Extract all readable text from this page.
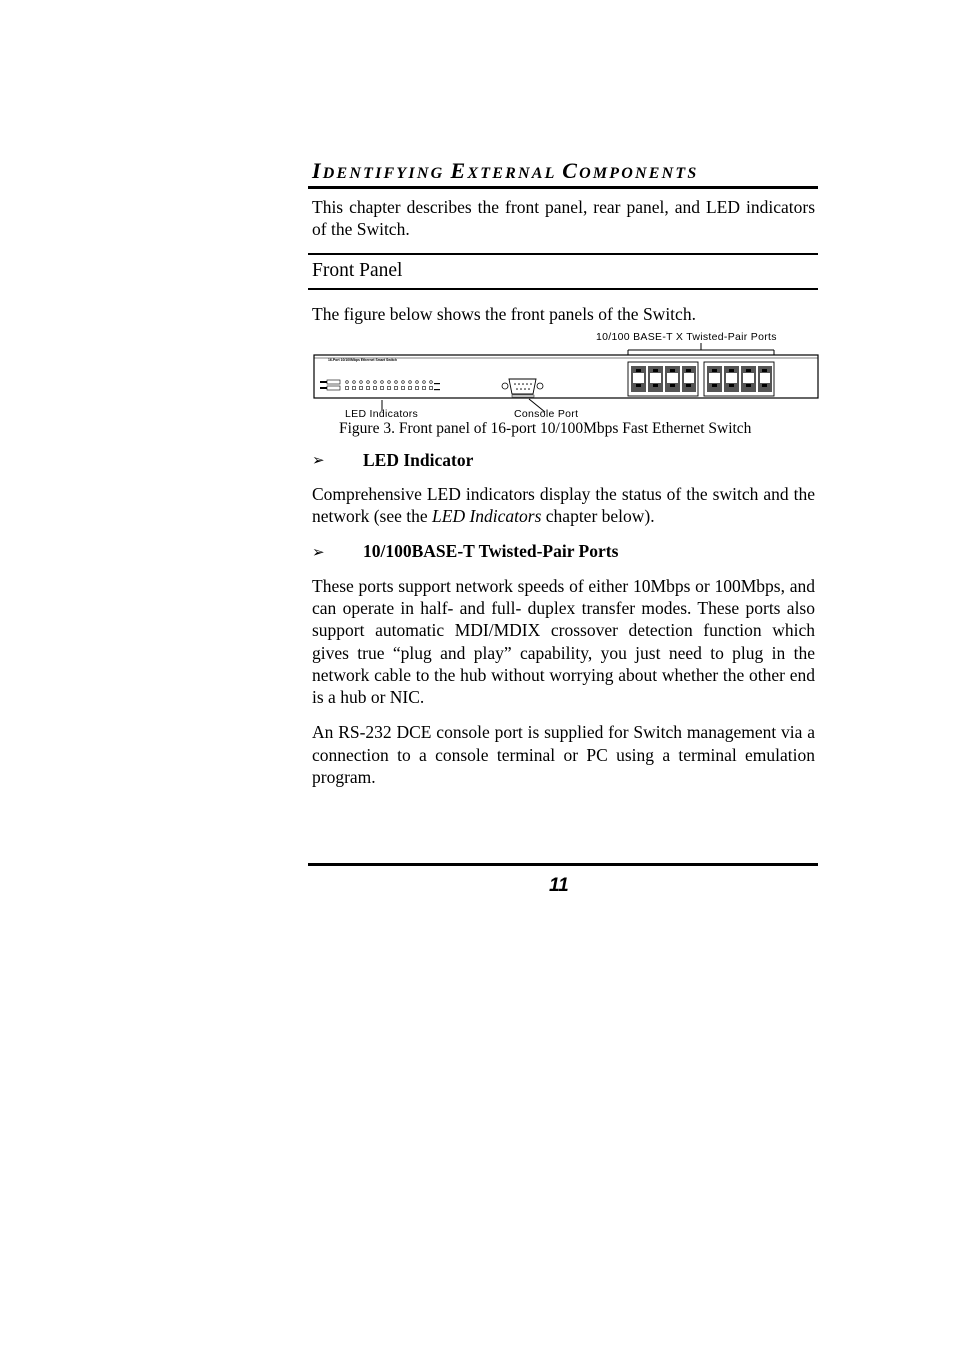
IDENTIFYING EXTERNAL COMPONENTS

This chapter describes the front panel, rear panel, and LED indicators of the Switch.

Front Panel

The figure below shows the front panels of the Switch.

10/100 BASE-T X Twisted-Pair Ports
16-Port 10/100Mbps Ethernet Smart Switch
LED Indicators	Console Port
Figure 3. Front panel of 16-port 10/100Mbps Fast Ethernet Switch
➢ LED Indicator

Comprehensive LED indicators display the status of the switch and the network (see the LED Indicators chapter below).

➢ 10/100BASE-T Twisted-Pair Ports

These ports support network speeds of either 10Mbps or 100Mbps, and can operate in half- and full- duplex transfer modes. These ports also support automatic MDI/MDIX crossover detection function which gives true “plug and play” capability, you just need to plug in the network cable to the hub without worrying about whether the other end is a hub or NIC.

An RS-232 DCE console port is supplied for Switch management via a connection to a console terminal or PC using a terminal emulation program.

11
